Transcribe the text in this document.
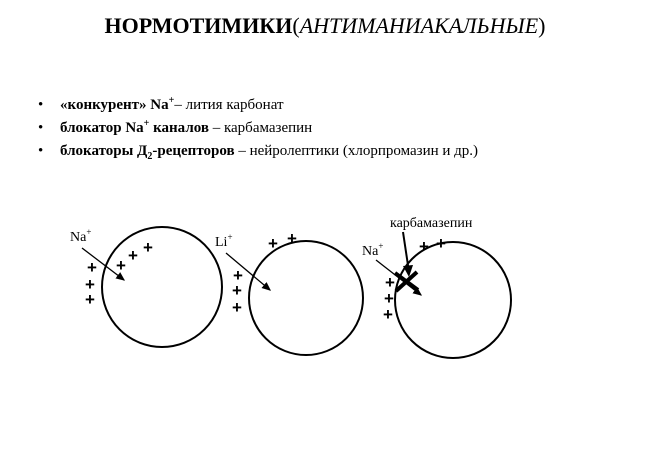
НОРМОТИМИКИ(АНТИМАНИАКАЛЬНЫЕ)
• «конкурент» Na+– лития карбонат
• блокатор Na+ каналов – карбамазепин
• блокаторы $Д_2$-рецепторов – нейролептики (хлорпромазин и др.)
Na+
+
+
+
+
+
+
Li+ + +
+
+
+
карбамазепин
Na+ + +
+
+
+
